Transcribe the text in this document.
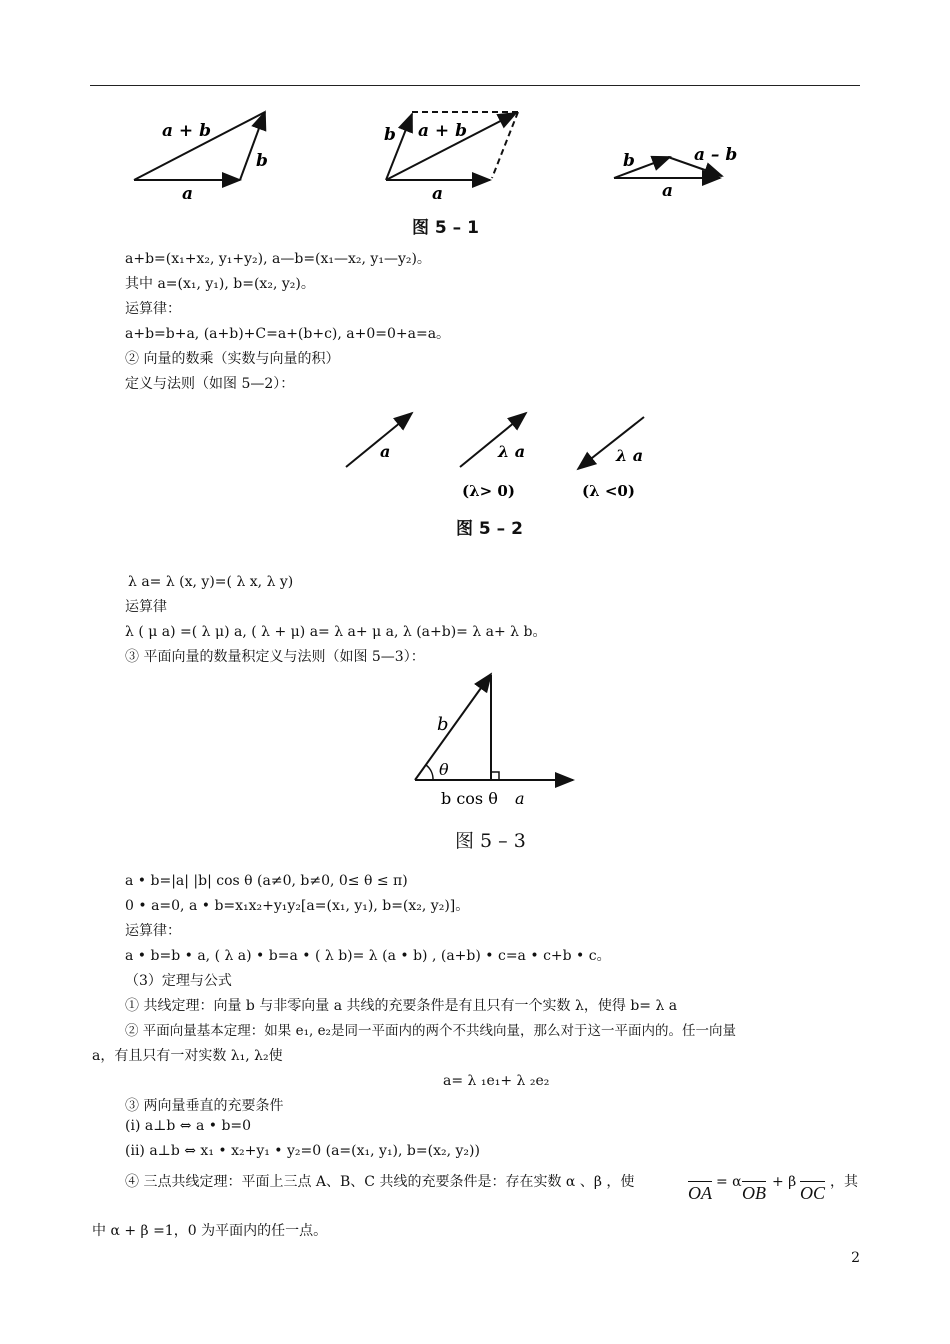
a + b
b
a
b a + b
a
b	a – b
a
图 5 – 1
a+b=(x₁+x₂, y₁+y₂), a—b=(x₁—x₂, y₁—y₂)。
其中 a=(x₁, y₁), b=(x₂, y₂)。
运算律：
a+b=b+a, (a+b)+C=a+(b+c), a+0=0+a=a。
② 向量的数乘（实数与向量的积）
定义与法则（如图 5—2）：
a	λ a	λ a
(λ> 0)	(λ <0)
图 5 – 2
λ a= λ (x, y)=( λ x, λ y)
运算律
λ ( μ a) =( λ μ) a, ( λ + μ) a= λ a+ μ a, λ (a+b)= λ a+ λ b。
③ 平面向量的数量积定义与法则（如图 5—3）：
b
θ
b cos θ a
图 5 – 3
a • b=|a| |b| cos θ (a≠0, b≠0, 0≤ θ ≤ π)
0 • a=0, a • b=x₁x₂+y₁y₂[a=(x₁, y₁), b=(x₂, y₂)]。
运算律：
a • b=b • a, ( λ a) • b=a • ( λ b)= λ (a • b) , (a+b) • c=a • c+b • c。
（3）定理与公式
① 共线定理：向量 b 与非零向量 a 共线的充要条件是有且只有一个实数 λ，使得 b= λ a
② 平面向量基本定理：如果 e₁, e₂是同一平面内的两个不共线向量，那么对于这一平面内的。任一向量
a，有且只有一对实数 λ₁, λ₂使
a= λ ₁e₁+ λ ₂e₂
③ 两向量垂直的充要条件
(i) a⊥b ⇔ a • b=0
(ii) a⊥b ⇔ x₁ • x₂+y₁ • y₂=0 (a=(x₁, y₁), b=(x₂, y₂))
④ 三点共线定理：平面上三点 A、B、C 共线的充要条件是：存在实数 α 、β ，使
OA
= α
OB
+ β
OC
，其
中 α + β =1，0 为平面内的任一点。
2
